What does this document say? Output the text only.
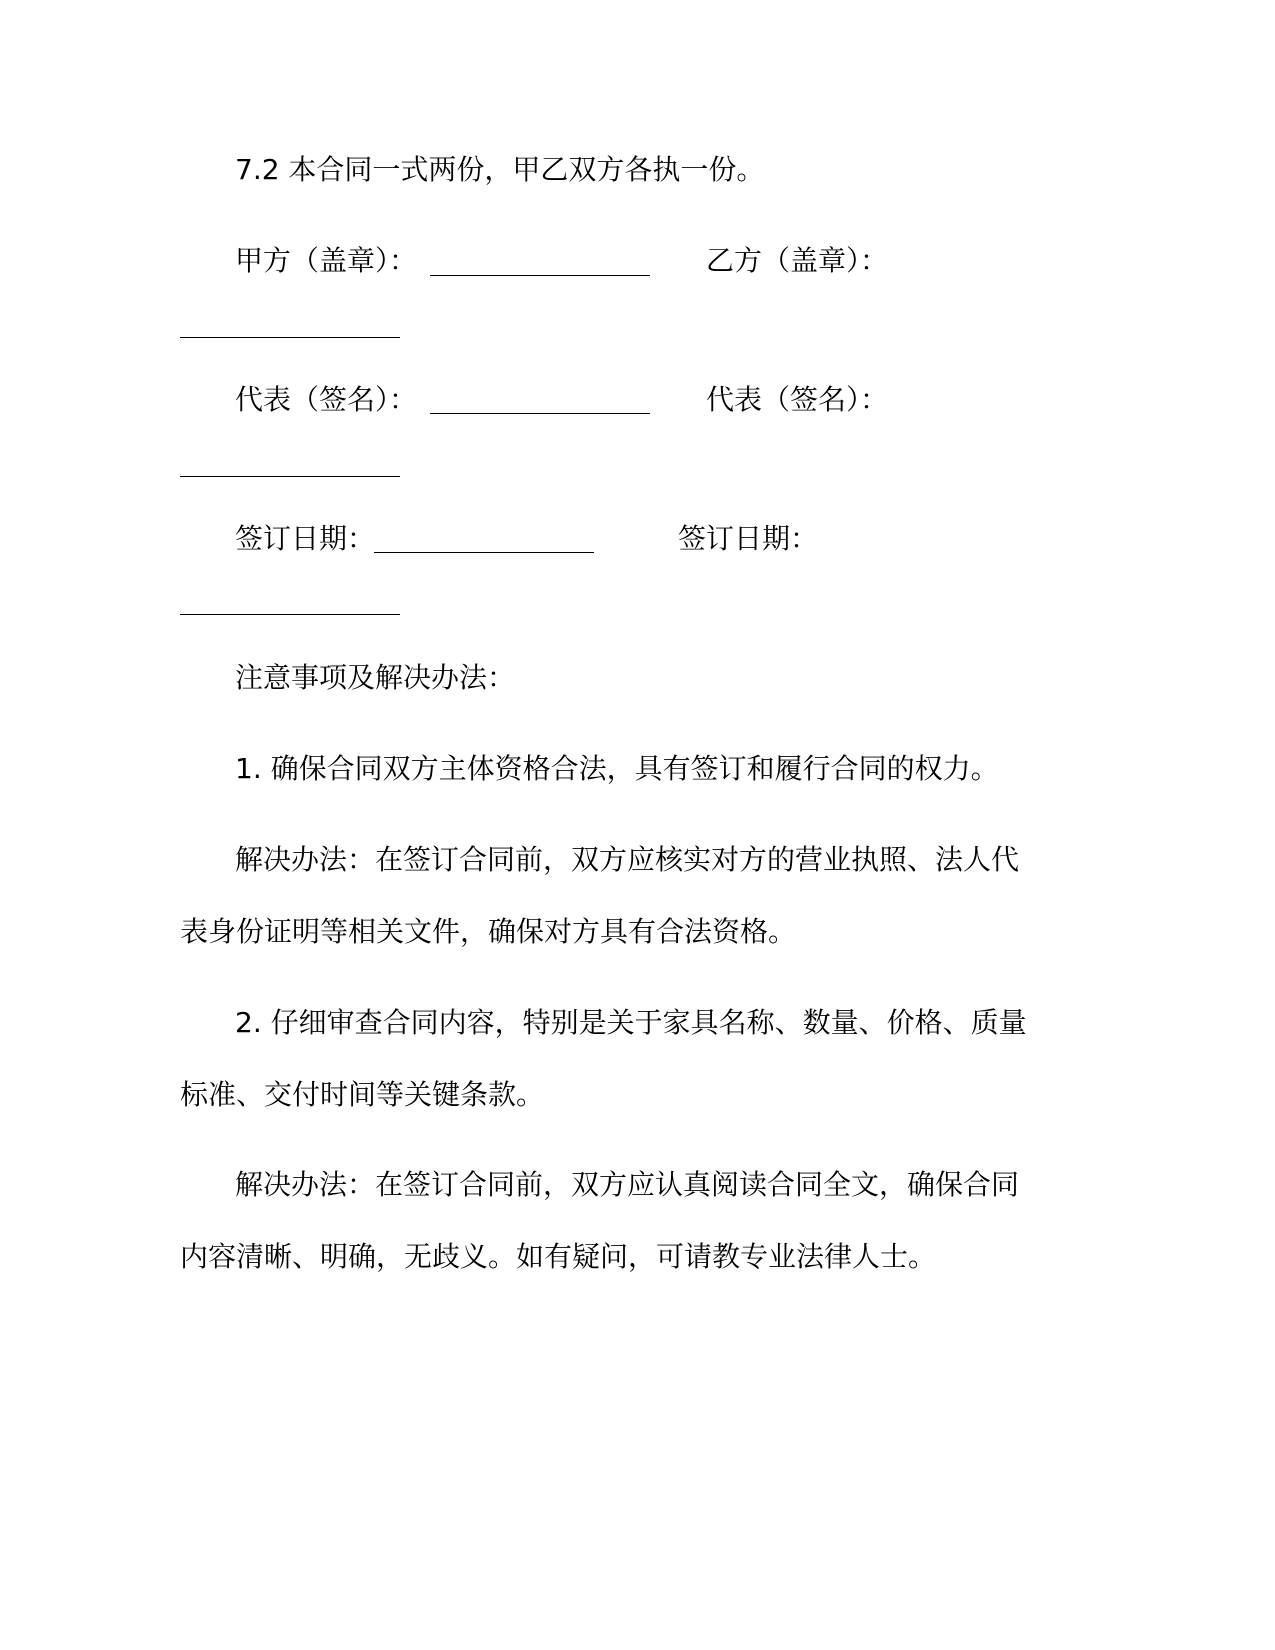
7.2 本合同一式两份，甲乙双方各执一份。
甲方（盖章）：	乙方（盖章）：
代表（签名）：	代表（签名）：
签订日期：	签订日期：
注意事项及解决办法：
1. 确保合同双方主体资格合法，具有签订和履行合同的权力。
解决办法：在签订合同前，双方应核实对方的营业执照、法人代
表身份证明等相关文件，确保对方具有合法资格。
2. 仔细审查合同内容，特别是关于家具名称、数量、价格、质量
标准、交付时间等关键条款。
解决办法：在签订合同前，双方应认真阅读合同全文，确保合同
内容清晰、明确，无歧义。如有疑问，可请教专业法律人士。
